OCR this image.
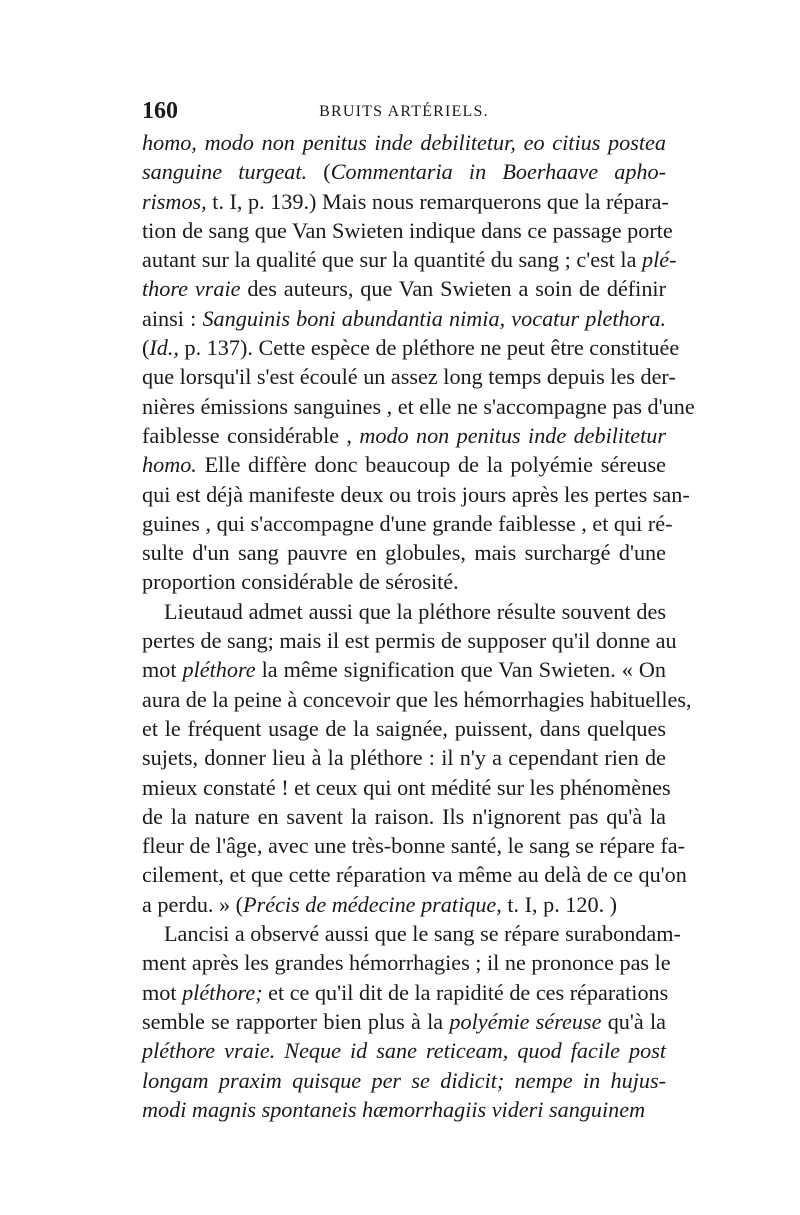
160	BRUITS ARTÉRIELS.
homo, modo non penitus inde debilitetur, eo citius postea
sanguine turgeat. (Commentaria in Boerhaave apho-
rismos, t. I, p. 139.) Mais nous remarquerons que la répara-
tion de sang que Van Swieten indique dans ce passage porte
autant sur la qualité que sur la quantité du sang ; c'est la plé-
thore vraie des auteurs, que Van Swieten a soin de définir
ainsi : Sanguinis boni abundantia nimia, vocatur plethora.
(Id., p. 137). Cette espèce de pléthore ne peut être constituée
que lorsqu'il s'est écoulé un assez long temps depuis les der-
nières émissions sanguines , et elle ne s'accompagne pas d'une
faiblesse considérable , modo non penitus inde debilitetur
homo. Elle diffère donc beaucoup de la polyémie séreuse
qui est déjà manifeste deux ou trois jours après les pertes san-
guines , qui s'accompagne d'une grande faiblesse , et qui ré-
sulte d'un sang pauvre en globules, mais surchargé d'une
proportion considérable de sérosité.
Lieutaud admet aussi que la pléthore résulte souvent des
pertes de sang; mais il est permis de supposer qu'il donne au
mot pléthore la même signification que Van Swieten. « On
aura de la peine à concevoir que les hémorrhagies habituelles,
et le fréquent usage de la saignée, puissent, dans quelques
sujets, donner lieu à la pléthore : il n'y a cependant rien de
mieux constaté ! et ceux qui ont médité sur les phénomènes
de la nature en savent la raison. Ils n'ignorent pas qu'à la
fleur de l'âge, avec une très-bonne santé, le sang se répare fa-
cilement, et que cette réparation va même au delà de ce qu'on
a perdu. » (Précis de médecine pratique, t. I, p. 120. )
Lancisi a observé aussi que le sang se répare surabondam-
ment après les grandes hémorrhagies ; il ne prononce pas le
mot pléthore; et ce qu'il dit de la rapidité de ces réparations
semble se rapporter bien plus à la polyémie séreuse qu'à la
pléthore vraie. Neque id sane reticeam, quod facile post
longam praxim quisque per se didicit; nempe in hujus-
modi magnis spontaneis hæmorrhagiis videri sanguinem
